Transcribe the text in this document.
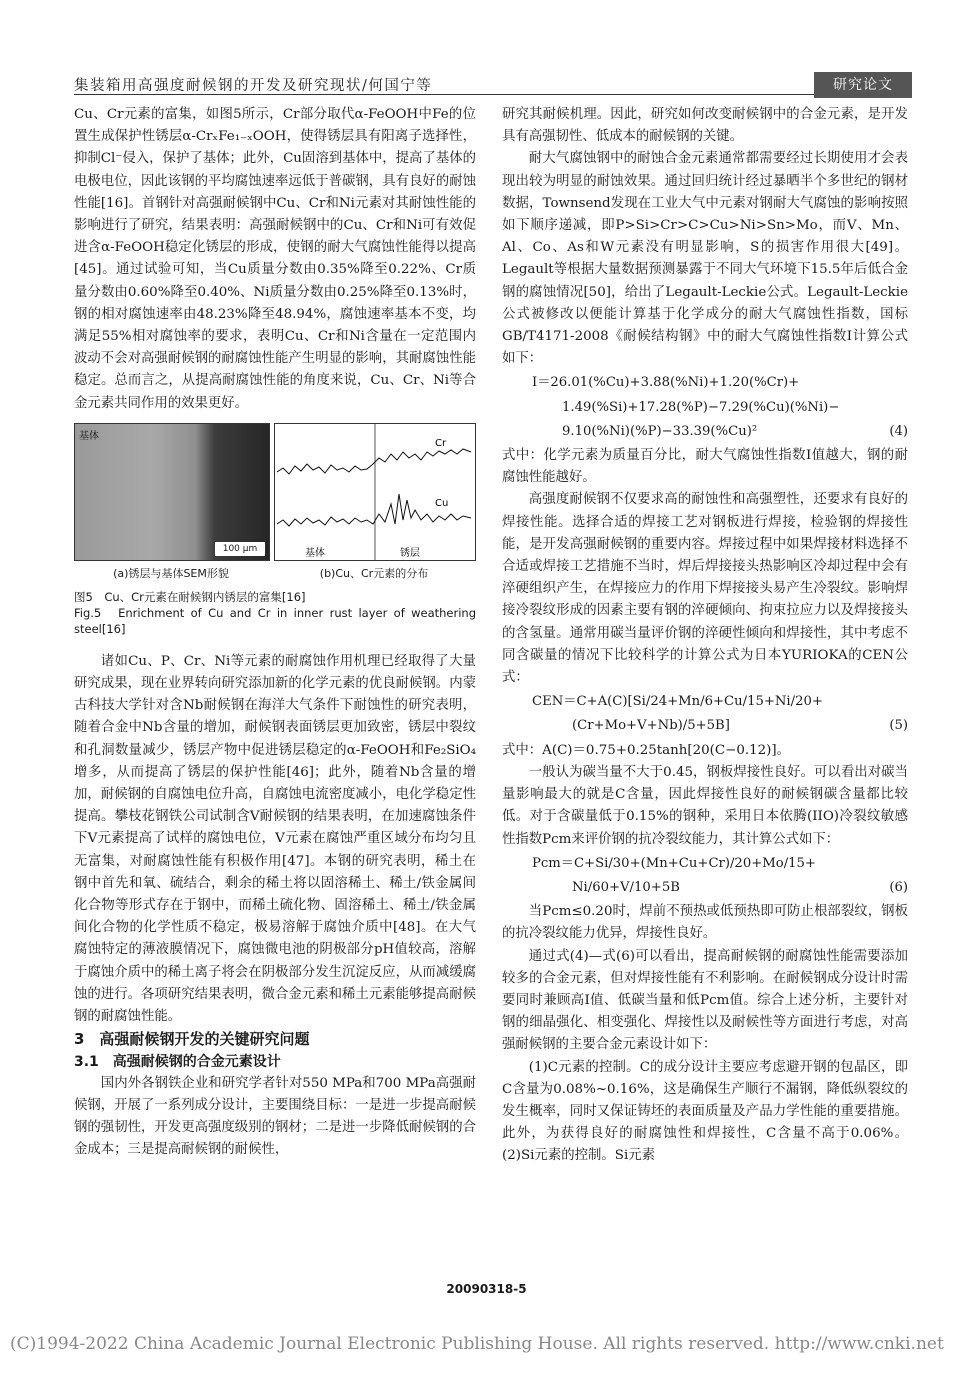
集装箱用高强度耐候钢的开发及研究现状/何国宁等	研究论文

Cu、Cr元素的富集，如图5所示，Cr部分取代α-FeOOH中Fe的位置生成保护性锈层α-CrₓFe₁₋ₓOOH，使得锈层具有阳离子选择性，抑制Cl⁻侵入，保护了基体；此外，Cu固溶到基体中，提高了基体的电极电位，因此该钢的平均腐蚀速率远低于普碳钢，具有良好的耐蚀性能[16]。首钢针对高强耐候钢中Cu、Cr和Ni元素对其耐蚀性能的影响进行了研究，结果表明：高强耐候钢中的Cu、Cr和Ni可有效促进含α-FeOOH稳定化锈层的形成，使钢的耐大气腐蚀性能得以提高[45]。通过试验可知，当Cu质量分数由0.35%降至0.22%、Cr质量分数由0.60%降至0.40%、Ni质量分数由0.25%降至0.13%时，钢的相对腐蚀速率由48.23%降至48.94%，腐蚀速率基本不变，均满足55%相对腐蚀率的要求，表明Cu、Cr和Ni含量在一定范围内波动不会对高强耐候钢的耐腐蚀性能产生明显的影响，其耐腐蚀性能稳定。总而言之，从提高耐腐蚀性能的角度来说，Cu、Cr、Ni等合金元素共同作用的效果更好。

基体
100 μm
Cr
Cu
基体	锈层
(a)锈层与基体SEM形貌	(b)Cu、Cr元素的分布
图5　Cu、Cr元素在耐候钢内锈层的富集[16]
Fig.5　Enrichment of Cu and Cr in inner rust layer of weathering steel[16]

诸如Cu、P、Cr、Ni等元素的耐腐蚀作用机理已经取得了大量研究成果，现在业界转向研究添加新的化学元素的优良耐候钢。内蒙古科技大学针对含Nb耐候钢在海洋大气条件下耐蚀性的研究表明，随着合金中Nb含量的增加，耐候钢表面锈层更加致密，锈层中裂纹和孔洞数量减少，锈层产物中促进锈层稳定的α-FeOOH和Fe₂SiO₄增多，从而提高了锈层的保护性能[46]；此外，随着Nb含量的增加，耐候钢的自腐蚀电位升高，自腐蚀电流密度减小，电化学稳定性提高。攀枝花钢铁公司试制含V耐候钢的结果表明，在加速腐蚀条件下V元素提高了试样的腐蚀电位，V元素在腐蚀严重区域分布均匀且无富集，对耐腐蚀性能有积极作用[47]。本钢的研究表明，稀土在钢中首先和氧、硫结合，剩余的稀土将以固溶稀土、稀土/铁金属间化合物等形式存在于钢中，而稀土硫化物、固溶稀土、稀土/铁金属间化合物的化学性质不稳定，极易溶解于腐蚀介质中[48]。在大气腐蚀特定的薄液膜情况下，腐蚀微电池的阴极部分pH值较高，溶解于腐蚀介质中的稀土离子将会在阴极部分发生沉淀反应，从而减缓腐蚀的进行。各项研究结果表明，微合金元素和稀土元素能够提高耐候钢的耐腐蚀性能。

3　高强耐候钢开发的关键研究问题

3.1　高强耐候钢的合金元素设计

国内外各钢铁企业和研究学者针对550 MPa和700 MPa高强耐候钢，开展了一系列成分设计，主要围绕目标：一是进一步提高耐候钢的强韧性，开发更高强度级别的钢材；二是进一步降低耐候钢的合金成本；三是提高耐候钢的耐候性，

研究其耐候机理。因此，研究如何改变耐候钢中的合金元素，是开发具有高强韧性、低成本的耐候钢的关键。

耐大气腐蚀钢中的耐蚀合金元素通常都需要经过长期使用才会表现出较为明显的耐蚀效果。通过回归统计经过暴晒半个多世纪的钢材数据，Townsend发现在工业大气中元素对钢耐大气腐蚀的影响按照如下顺序递减，即P>Si>Cr>C>Cu>Ni>Sn>Mo，而V、Mn、Al、Co、As和W元素没有明显影响，S的损害作用很大[49]。Legault等根据大量数据预测暴露于不同大气环境下15.5年后低合金钢的腐蚀情况[50]，给出了Legault-Leckie公式。Legault-Leckie公式被修改以便能计算基于化学成分的耐大气腐蚀性指数，国标GB/T4171-2008《耐候结构钢》中的耐大气腐蚀性指数I计算公式如下：

I＝26.01(%Cu)+3.88(%Ni)+1.20(%Cr)+
1.49(%Si)+17.28(%P)−7.29(%Cu)(%Ni)−
9.10(%Ni)(%P)−33.39(%Cu)²	(4)

式中：化学元素为质量百分比，耐大气腐蚀性指数I值越大，钢的耐腐蚀性能越好。

高强度耐候钢不仅要求高的耐蚀性和高强塑性，还要求有良好的焊接性能。选择合适的焊接工艺对钢板进行焊接，检验钢的焊接性能，是开发高强耐候钢的重要内容。焊接过程中如果焊接材料选择不合适或焊接工艺措施不当时，焊后焊接接头热影响区冷却过程中会有淬硬组织产生，在焊接应力的作用下焊接接头易产生冷裂纹。影响焊接冷裂纹形成的因素主要有钢的淬硬倾向、拘束拉应力以及焊接接头的含氢量。通常用碳当量评价钢的淬硬性倾向和焊接性，其中考虑不同含碳量的情况下比较科学的计算公式为日本YURIOKA的CEN公式：

CEN＝C+A(C)[Si/24+Mn/6+Cu/15+Ni/20+
(Cr+Mo+V+Nb)/5+5B]	(5)

式中：A(C)＝0.75+0.25tanh[20(C−0.12)]。

一般认为碳当量不大于0.45，钢板焊接性良好。可以看出对碳当量影响最大的就是C含量，因此焊接性良好的耐候钢碳含量都比较低。对于含碳量低于0.15%的钢种，采用日本依腾(IIO)冷裂纹敏感性指数Pcm来评价钢的抗冷裂纹能力，其计算公式如下：

Pcm＝C+Si/30+(Mn+Cu+Cr)/20+Mo/15+
Ni/60+V/10+5B	(6)

当Pcm≤0.20时，焊前不预热或低预热即可防止根部裂纹，钢板的抗冷裂纹能力优异，焊接性良好。

通过式(4)—式(6)可以看出，提高耐候钢的耐腐蚀性能需要添加较多的合金元素，但对焊接性能有不利影响。在耐候钢成分设计时需要同时兼顾高I值、低碳当量和低Pcm值。综合上述分析，主要针对钢的细晶强化、相变强化、焊接性以及耐候性等方面进行考虑，对高强耐候钢的主要合金元素设计如下：

(1)C元素的控制。C的成分设计主要应考虑避开钢的包晶区，即C含量为0.08%~0.16%，这是确保生产顺行不漏钢，降低纵裂纹的发生概率，同时又保证铸坯的表面质量及产品力学性能的重要措施。此外，为获得良好的耐腐蚀性和焊接性，C含量不高于0.06%。(2)Si元素的控制。Si元素

20090318-5
(C)1994-2022 China Academic Journal Electronic Publishing House. All rights reserved. http://www.cnki.net
